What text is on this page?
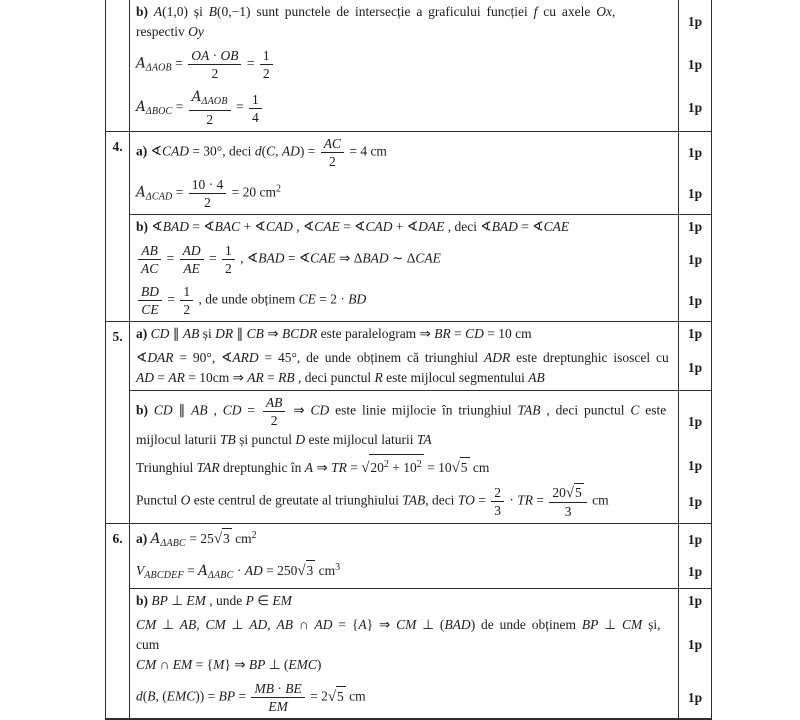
b) A(1,0) și B(0,−1) sunt punctele de intersecție a graficului funcției f cu axele Ox,
respectiv Oy
1p
$A_{\Delta AOB} = \frac{OA \cdot OB}{2} = \frac{1}{2}$	1p
$A_{\Delta BOC} = \frac{A_{\Delta AOB}}{2} = \frac{1}{4}$	1p
4. a) ∢CAD = 30°, deci d(C, $AD) = \frac{AC}{2} = 4$ cm	1p
$A_{\Delta CAD} = \frac{10 \cdot 4}{2} = 20$ $cm^2$	1p
b) ∢BAD = ∢BAC + ∢CAD , ∢CAE = ∢CAD + ∢DAE , deci ∢BAD = ∢CAE	1p
$\frac{AB}{AC} = \frac{AD}{AE} = \frac{1}{2}$ , ∢BAD = ∢CAE ⇒ ΔBAD ∼ ΔCAE	1p
$\frac{BD}{CE} = \frac{1}{2}$ , de unde obținem CE = 2 · BD	1p
5. a) CD ∥ AB și DR ∥ CB ⇒ BCDR este paralelogram ⇒ BR = CD = 10 cm	1p
∢DAR = 90°, ∢ARD = 45°, de unde obținem că triunghiul ADR este dreptunghic isoscel cu
AD = AR = 10cm ⇒ AR = RB , deci punctul R este mijlocul segmentului AB
1p
b) CD ∥ AB , CD = $\frac{AB}{2}$ ⇒ CD este linie mijlocie în triunghiul TAB , deci punctul C este
mijlocul laturii TB și punctul D este mijlocul laturii TA
1p
Triunghiul TAR dreptunghic în A ⇒ TR = $√20^2 + 10^2 = 10√5$ cm	1p
Punctul O este centrul de greutate al triunghiului TAB, deci TO = $\frac{2}{3}$ · TR = $\frac{20√5}{3}$ cm	1p
6. a) $A_{\Delta ABC} = 25√3$ $cm^2$	1p
$V_{ABCDEF} = A_{\Delta ABC}$ · AD = 250√3 $cm^3$	1p
b) BP ⊥ EM , unde P ∈ EM	1p
CM ⊥ AB, CM ⊥ AD, AB ∩ AD = {A} ⇒ CM ⊥ (BAD) de unde obținem BP ⊥ CM și, cum
CM ∩ EM = {M} ⇒ BP ⊥ (EMC)
1p
d(B, (EMC)) = BP = $\frac{MB \cdot BE}{EM} = 2√5$ cm	1p
